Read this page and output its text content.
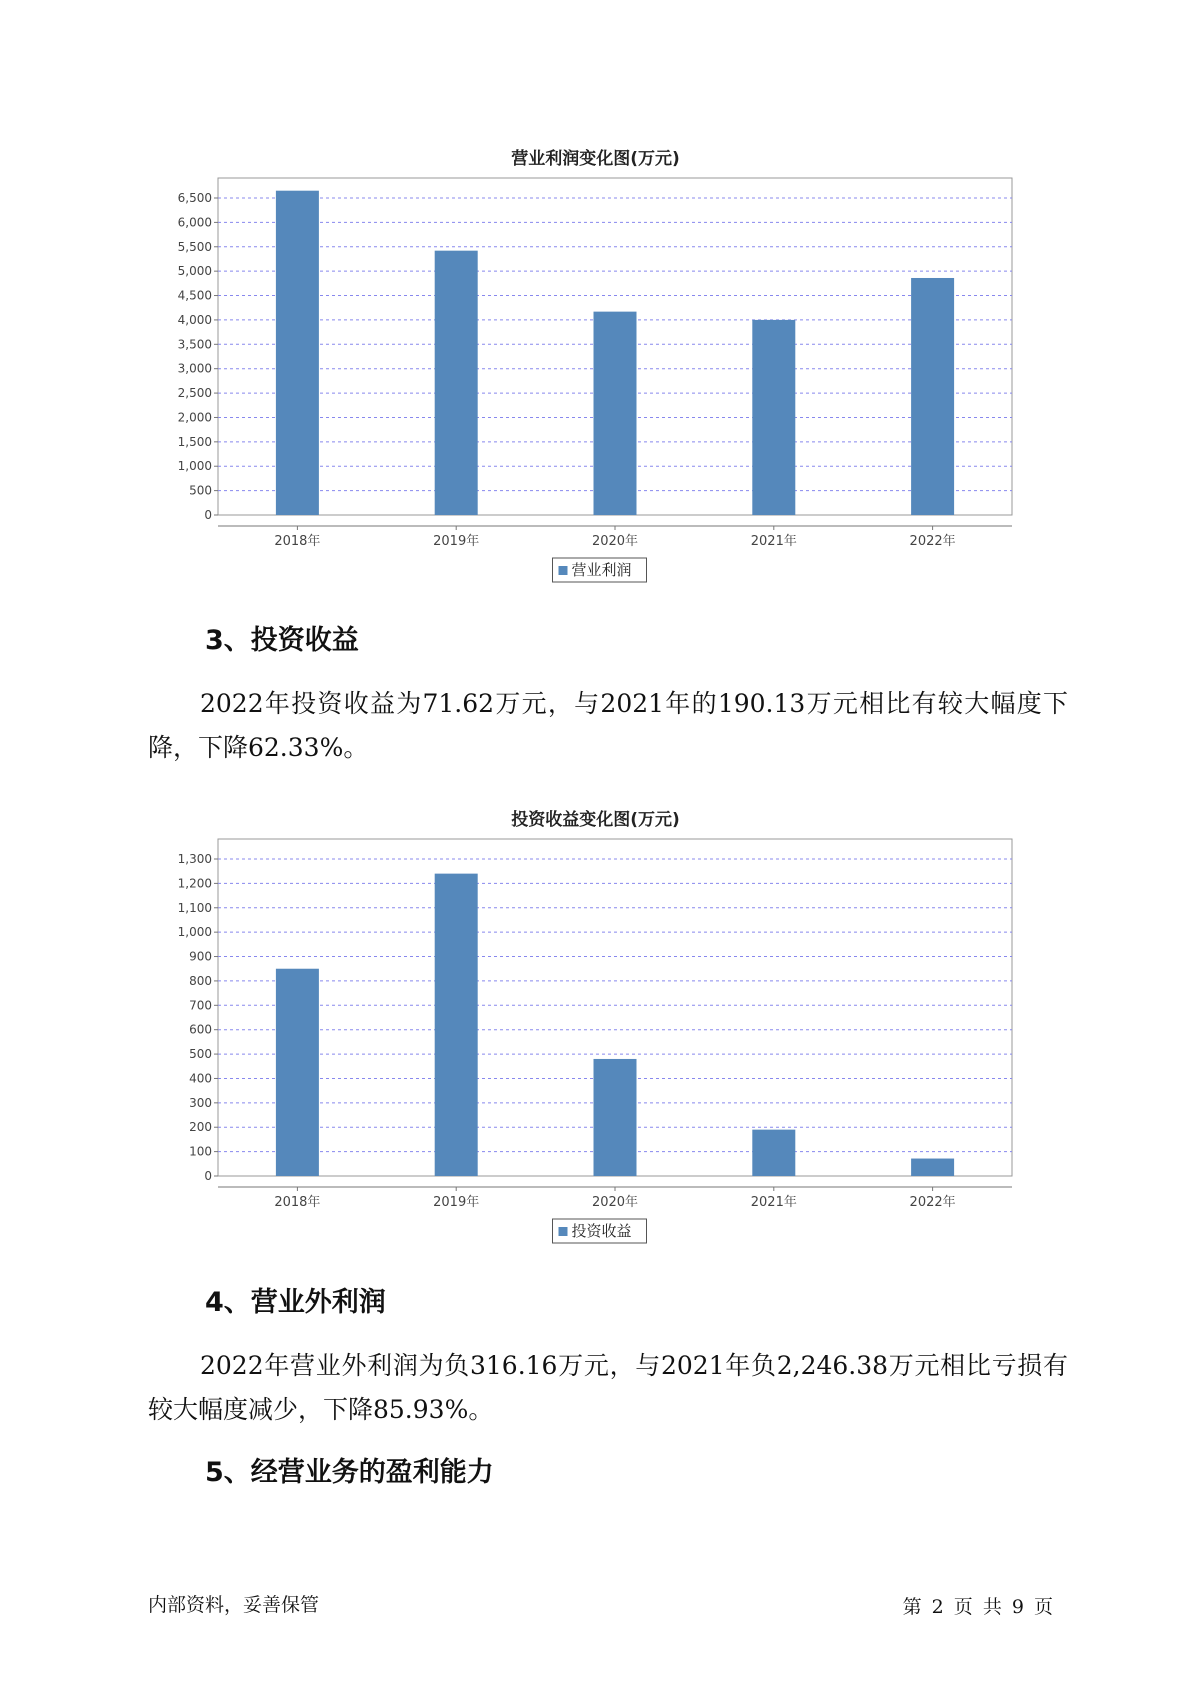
营业利润变化图(万元)
0
500
1,000
1,500
2,000
2,500
3,000
3,500
4,000
4,500
5,000
5,500
6,000
6,500
2018年	2019年	2020年	2021年	2022年
营业利润
3、投资收益
2022年投资收益为71.62万元，与2021年的190.13万元相比有较大幅度下降，下降62.33%。
投资收益变化图(万元)
0
100
200
300
400
500
600
700
800
900
1,000
1,100
1,200
1,300
2018年	2019年	2020年	2021年	2022年
投资收益
4、营业外利润
2022年营业外利润为负316.16万元，与2021年负2,246.38万元相比亏损有较大幅度减少，下降85.93%。
5、经营业务的盈利能力
内部资料，妥善保管	第 2 页 共 9 页
